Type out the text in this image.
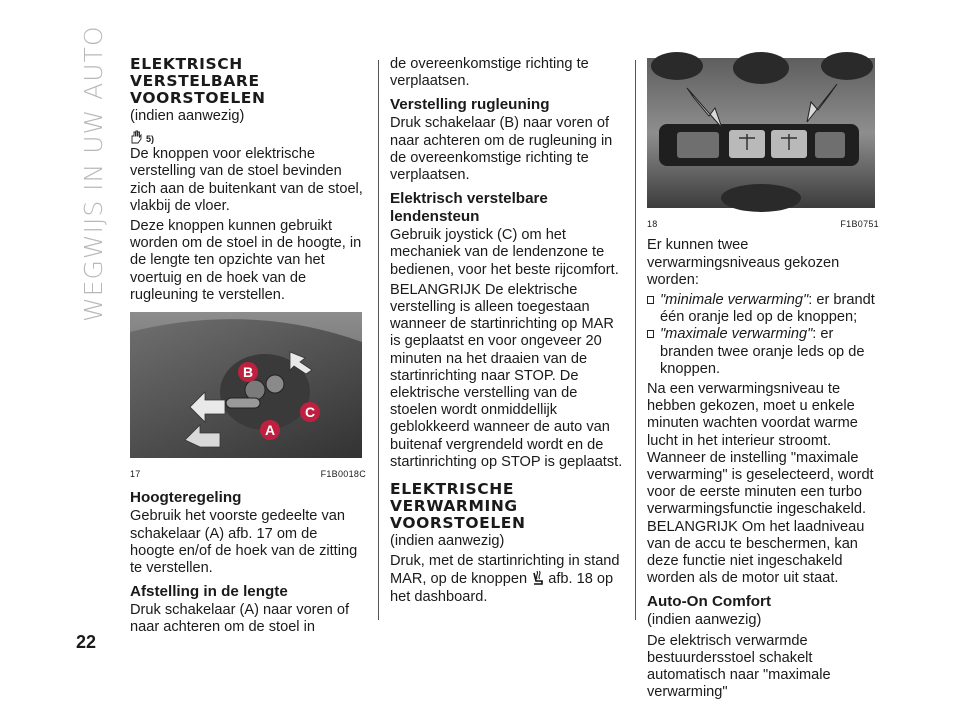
WEGWIJS IN UW AUTO
22
ELEKTRISCH VERSTELBARE VOORSTOELEN

(indien aanwezig)

5)

De knoppen voor elektrische verstelling van de stoel bevinden zich aan de buitenkant van de stoel, vlakbij de vloer.

Deze knoppen kunnen gebruikt worden om de stoel in de hoogte, in de lengte ten opzichte van het voertuig en de hoek van de rugleuning te verstellen.

B
A
C
17	F1B0018C
Hoogteregeling

Gebruik het voorste gedeelte van schakelaar (A) afb. 17 om de hoogte en/of de hoek van de zitting te verstellen.

Afstelling in de lengte

Druk schakelaar (A) naar voren of naar achteren om de stoel in

de overeenkomstige richting te verplaatsen.

Verstelling rugleuning

Druk schakelaar (B) naar voren of naar achteren om de rugleuning in de overeenkomstige richting te verplaatsen.

Elektrisch verstelbare lendensteun

Gebruik joystick (C) om het mechaniek van de lendenzone te bedienen, voor het beste rijcomfort.

BELANGRIJK De elektrische verstelling is alleen toegestaan wanneer de startinrichting op MAR is geplaatst en voor ongeveer 20 minuten na het draaien van de startinrichting naar STOP. De elektrische verstelling van de stoelen wordt onmiddellijk geblokkeerd wanneer de auto van buitenaf vergrendeld wordt en de startinrichting op STOP is geplaatst.

ELEKTRISCHE VERWARMING VOORSTOELEN

(indien aanwezig)

Druk, met de startinrichting in stand MAR, op de knoppen afb. 18 op het dashboard.

18	F1B0751

Er kunnen twee verwarmingsniveaus gekozen worden:

"minimale verwarming": er brandt één oranje led op de knoppen;
"maximale verwarming": er branden twee oranje leds op de knoppen.

Na een verwarmingsniveau te hebben gekozen, moet u enkele minuten wachten voordat warme lucht in het interieur stroomt.

Wanneer de instelling "maximale verwarming" is geselecteerd, wordt voor de eerste minuten een turbo verwarmingsfunctie ingeschakeld.

BELANGRIJK Om het laadniveau van de accu te beschermen, kan deze functie niet ingeschakeld worden als de motor uit staat.

Auto-On Comfort

(indien aanwezig)

De elektrisch verwarmde bestuurdersstoel schakelt automatisch naar "maximale verwarming"
